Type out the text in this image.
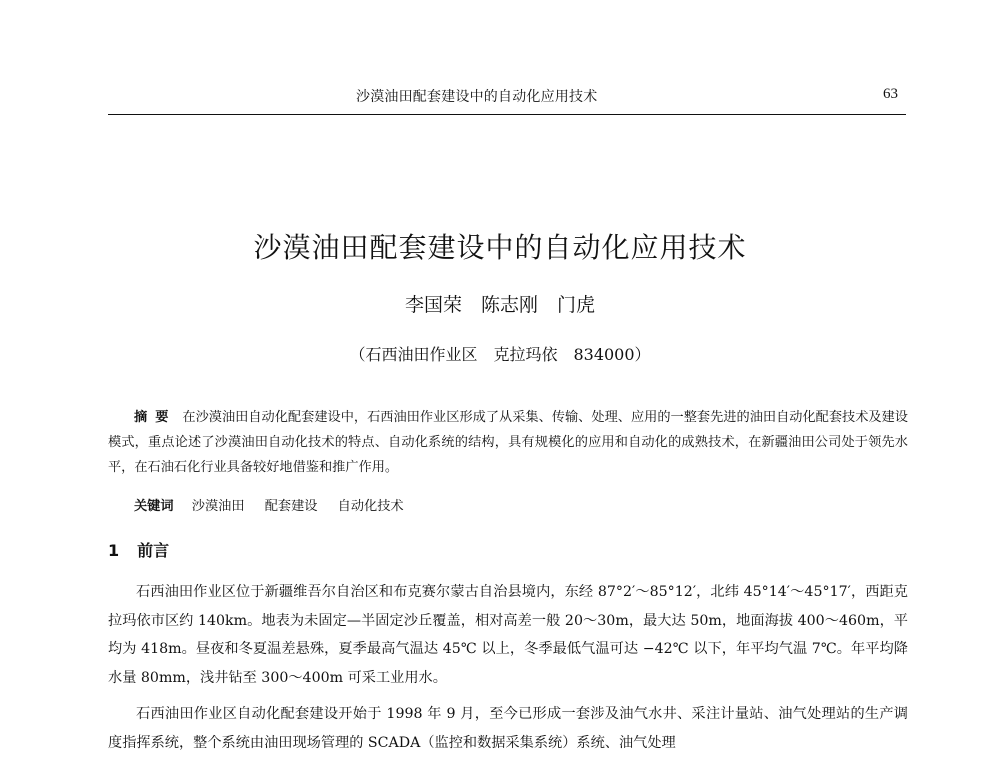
沙漠油田配套建设中的自动化应用技术	63
沙漠油田配套建设中的自动化应用技术
李国荣　陈志刚　门虎
（石西油田作业区　克拉玛依　834000）
摘要 在沙漠油田自动化配套建设中，石西油田作业区形成了从采集、传输、处理、应用的一整套先进的油田自动化配套技术及建设模式，重点论述了沙漠油田自动化技术的特点、自动化系统的结构，具有规模化的应用和自动化的成熟技术，在新疆油田公司处于领先水平，在石油石化行业具备较好地借鉴和推广作用。
关键词 沙漠油田 配套建设 自动化技术
1 前言

石西油田作业区位于新疆维吾尔自治区和布克赛尔蒙古自治县境内，东经 87°2′～85°12′，北纬 45°14′～45°17′，西距克拉玛依市区约 140km。地表为未固定—半固定沙丘覆盖，相对高差一般 20～30m，最大达 50m，地面海拔 400～460m，平均为 418m。昼夜和冬夏温差悬殊，夏季最高气温达 45℃ 以上，冬季最低气温可达 −42℃ 以下，年平均气温 7℃。年平均降水量 80mm，浅井钻至 300～400m 可采工业用水。

石西油田作业区自动化配套建设开始于 1998 年 9 月，至今已形成一套涉及油气水井、采注计量站、油气处理站的生产调度指挥系统，整个系统由油田现场管理的 SCADA（监控和数据采集系统）系统、油气处理
